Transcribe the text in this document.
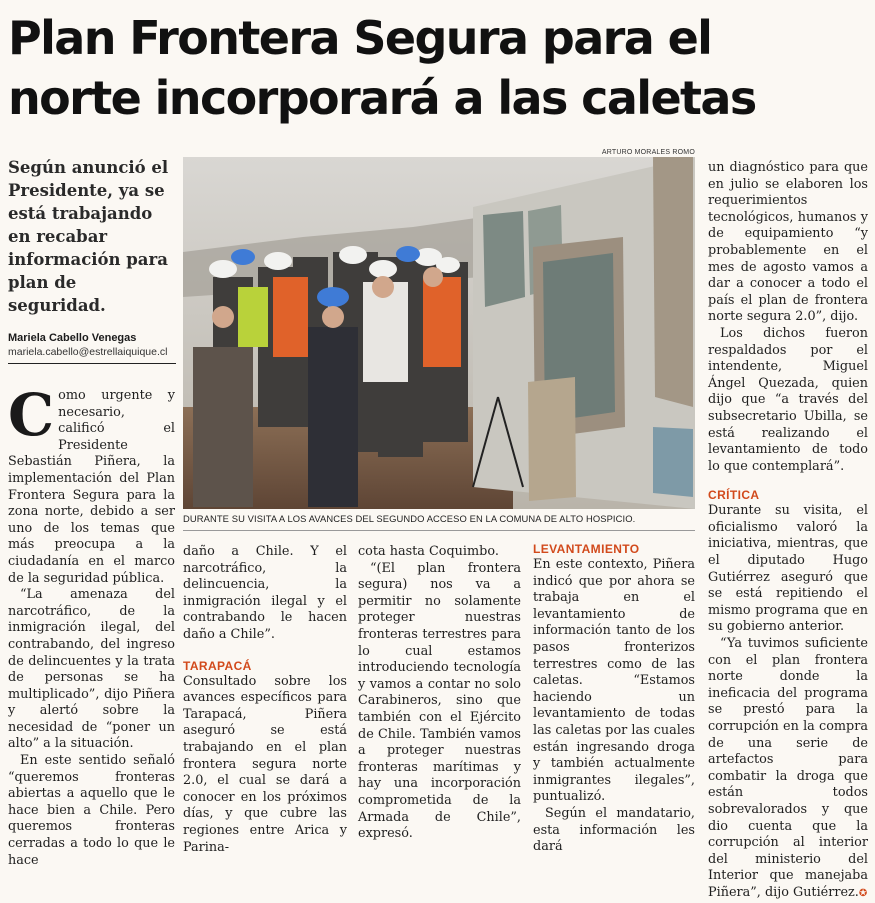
Plan Frontera Segura para el
norte incorporará a las caletas

Según anunció el Presidente, ya se está trabajando en recabar información para plan de seguridad.

Mariela Cabello Venegas
mariela.cabello@estrellaiquique.cl
ARTURO MORALES ROMO
DURANTE SU VISITA A LOS AVANCES DEL SEGUNDO ACCESO EN LA COMUNA DE ALTO HOSPICIO.

Como urgente y necesario, calificó el Presidente Sebastián Piñera, la implementación del Plan Frontera Segura para la zona norte, debido a ser uno de los temas que más preocupa a la ciudadanía en el marco de la seguridad pública.

“La amenaza del narcotráfico, de la inmigración ilegal, del contrabando, del ingreso de delincuentes y la trata de personas se ha multiplicado”, dijo Piñera y alertó sobre la necesidad de “poner un alto” a la situación.

En este sentido señaló “queremos fronteras abiertas a aquello que le hace bien a Chile. Pero queremos fronteras cerradas a todo lo que le hace

daño a Chile. Y el narcotráfico, la delincuencia, la inmigración ilegal y el contrabando le hacen daño a Chile”.

TARAPACÁ

Consultado sobre los avances específicos para Tarapacá, Piñera aseguró se está trabajando en el plan frontera segura norte 2.0, el cual se dará a conocer en los próximos días, y que cubre las regiones entre Arica y Parina-

cota hasta Coquimbo.

“(El plan frontera segura) nos va a permitir no solamente proteger nuestras fronteras terrestres para lo cual estamos introduciendo tecnología y vamos a contar no solo Carabineros, sino que también con el Ejército de Chile. También vamos a proteger nuestras fronteras marítimas y hay una incorporación comprometida de la Armada de Chile”, expresó.

LEVANTAMIENTO

En este contexto, Piñera indicó que por ahora se trabaja en el levantamiento de información tanto de los pasos fronterizos terrestres como de las caletas. “Estamos haciendo un levantamiento de todas las caletas por las cuales están ingresando droga y también actualmente inmigrantes ilegales”, puntualizó.

Según el mandatario, esta información les dará

un diagnóstico para que en julio se elaboren los requerimientos tecnológicos, humanos y de equipamiento “y probablemente en el mes de agosto vamos a dar a conocer a todo el país el plan de frontera norte segura 2.0”, dijo.

Los dichos fueron respaldados por el intendente, Miguel Ángel Quezada, quien dijo que “a través del subsecretario Ubilla, se está realizando el levantamiento de todo lo que contemplará”.

CRÍTICA

Durante su visita, el oficialismo valoró la iniciativa, mientras, que el diputado Hugo Gutiérrez aseguró que se está repitiendo el mismo programa que en su gobierno anterior.

“Ya tuvimos suficiente con el plan frontera norte donde la ineficacia del programa se prestó para la corrupción en la compra de una serie de artefactos para combatir la droga que están todos sobrevalorados y que dio cuenta que la corrupción al interior del ministerio del Interior que manejaba Piñera”, dijo Gutiérrez.✪
